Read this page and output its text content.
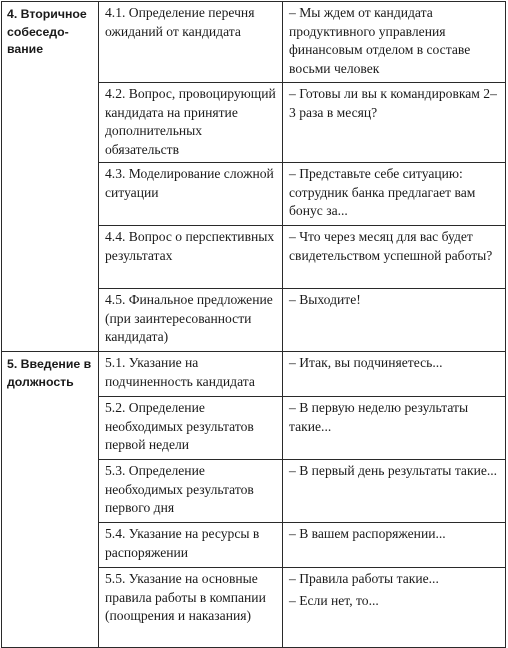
4. Вторичное собеседо-вание	4.1. Определение перечня ожиданий от кандидата	– Мы ждем от кандидата продуктивного управления финансовым отделом в составе восьми человек

	4.2. Вопрос, провоцирующий кандидата на принятие дополнительных обязательств	– Готовы ли вы к командировкам 2–3 раза в месяц?

	4.3. Моделирование сложной ситуации	– Представьте себе ситуацию: сотрудник банка предлагает вам бонус за...

	4.4. Вопрос о перспективных результатах	– Что через месяц для вас будет свидетельством успешной работы?

	4.5. Финальное предложение (при заинтересованности кандидата)	– Выходите!

5. Введение в должность	5.1. Указание на подчиненность кандидата	– Итак, вы подчиняетесь...

	5.2. Определение необходимых результатов первой недели	– В первую неделю результаты такие...

	5.3. Определение необходимых результатов первого дня	– В первый день результаты такие...

	5.4. Указание на ресурсы в распоряжении	– В вашем распоряжении...

	5.5. Указание на основные правила работы в компании (поощрения и наказания)	– Правила работы такие...
– Если нет, то...
